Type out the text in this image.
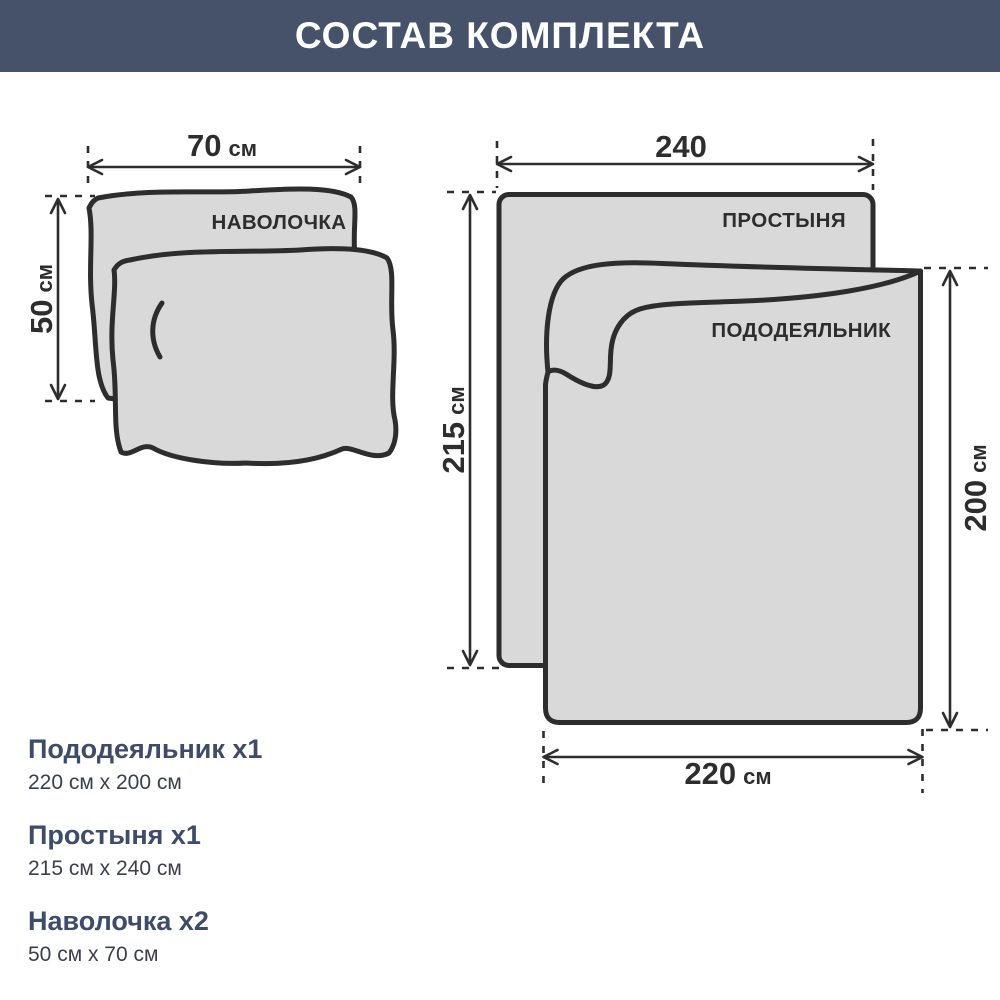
СОСТАВ КОМПЛЕКТА
НАВОЛОЧКА
70 см
50см
ПРОСТЫНЯ
240
215см
ПОДОДЕЯЛЬНИК
200см
220 см
Пододеяльник x1
220 см x 200 см
Простыня x1
215 см x 240 см
Наволочка x2
50 см x 70 см
